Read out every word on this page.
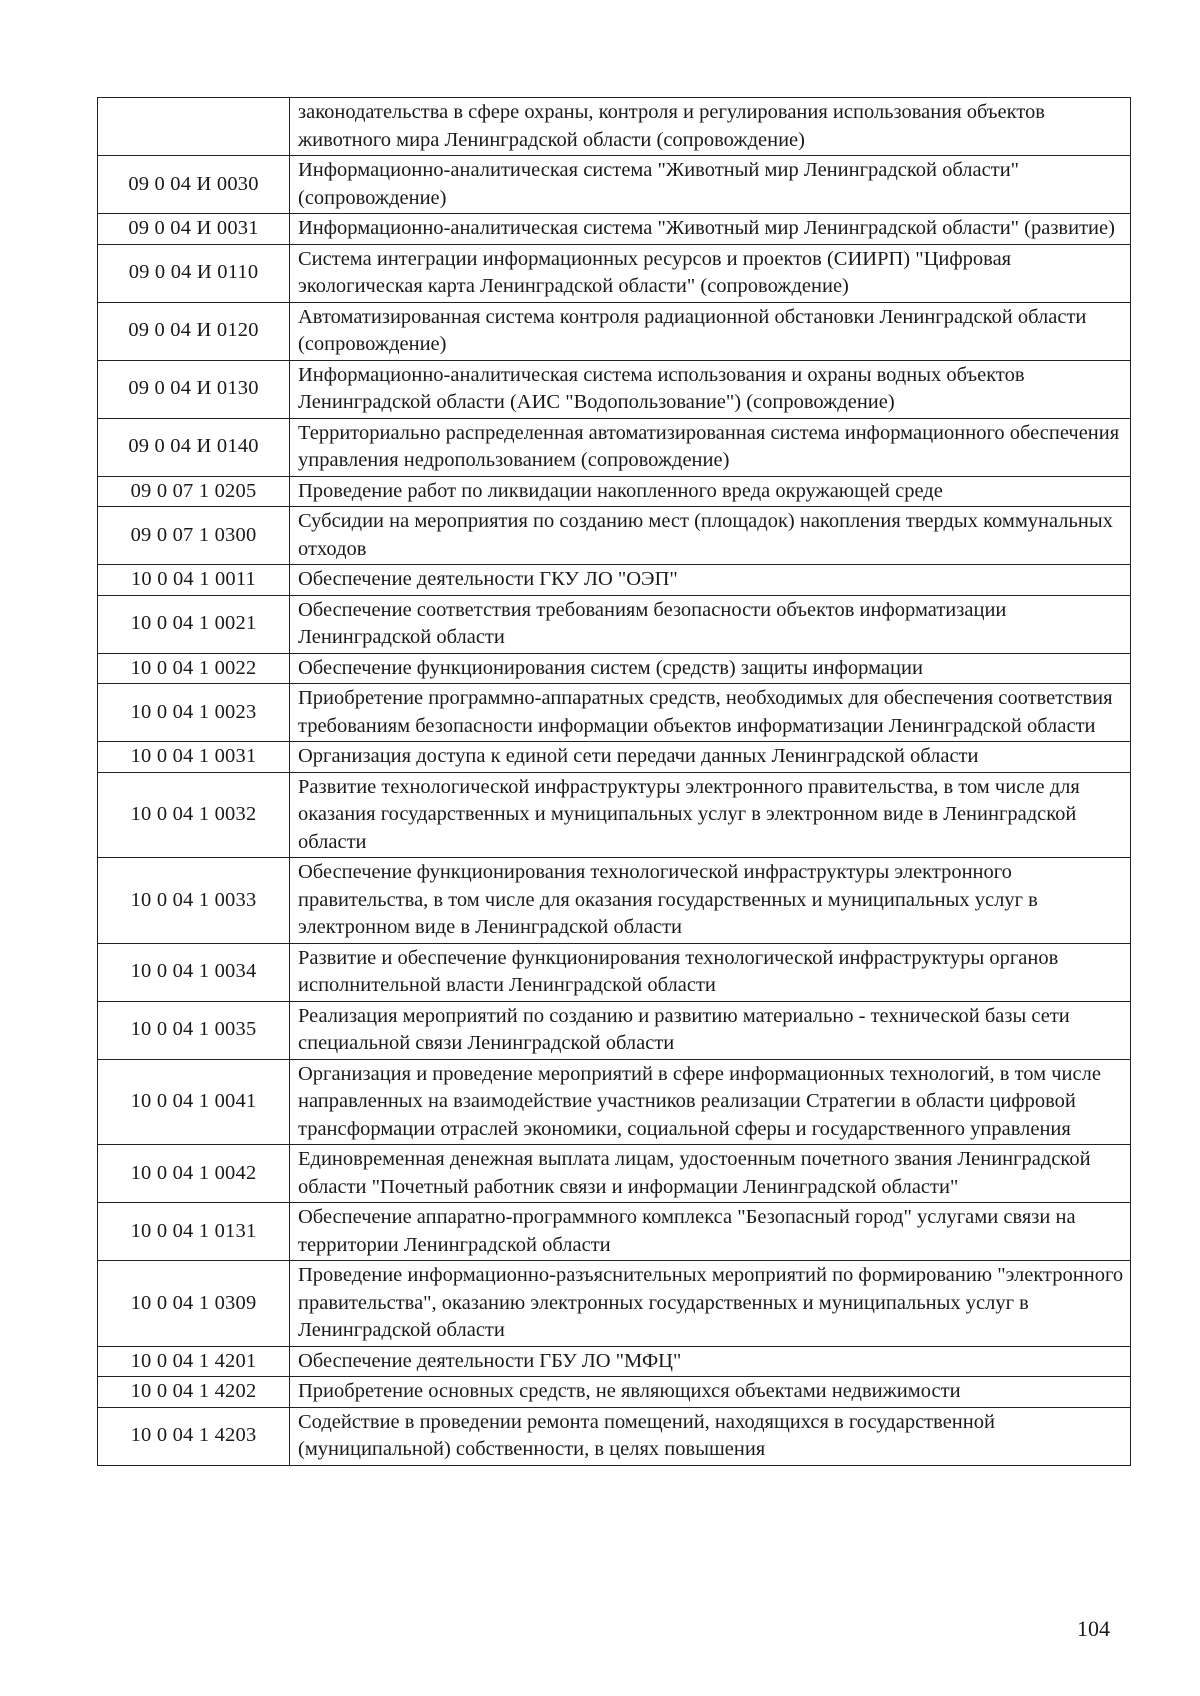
	законодательства в сфере охраны, контроля и регулирования использования объектов животного мира Ленинградской области (сопровождение)
09 0 04 И 0030	Информационно-аналитическая система "Животный мир Ленинградской области" (сопровождение)
09 0 04 И 0031	Информационно-аналитическая система "Животный мир Ленинградской области" (развитие)
09 0 04 И 0110	Система интеграции информационных ресурсов и проектов (СИИРП) "Цифровая экологическая карта Ленинградской области" (сопровождение)
09 0 04 И 0120	Автоматизированная система контроля радиационной обстановки Ленинградской области (сопровождение)
09 0 04 И 0130	Информационно-аналитическая система использования и охраны водных объектов Ленинградской области (АИС "Водопользование") (сопровождение)
09 0 04 И 0140	Территориально распределенная автоматизированная система информационного обеспечения управления недропользованием (сопровождение)
09 0 07 1 0205	Проведение работ по ликвидации накопленного вреда окружающей среде
09 0 07 1 0300	Субсидии на мероприятия по созданию мест (площадок) накопления твердых коммунальных отходов
10 0 04 1 0011	Обеспечение деятельности ГКУ ЛО "ОЭП"
10 0 04 1 0021	Обеспечение соответствия требованиям безопасности объектов информатизации Ленинградской области
10 0 04 1 0022	Обеспечение функционирования систем (средств) защиты информации
10 0 04 1 0023	Приобретение программно-аппаратных средств, необходимых для обеспечения соответствия требованиям безопасности информации объектов информатизации Ленинградской области
10 0 04 1 0031	Организация доступа к единой сети передачи данных Ленинградской области
10 0 04 1 0032	Развитие технологической инфраструктуры электронного правительства, в том числе для оказания государственных и муниципальных услуг в электронном виде в Ленинградской области
10 0 04 1 0033	Обеспечение функционирования технологической инфраструктуры электронного правительства, в том числе для оказания государственных и муниципальных услуг в электронном виде в Ленинградской области
10 0 04 1 0034	Развитие и обеспечение функционирования технологической инфраструктуры органов исполнительной власти Ленинградской области
10 0 04 1 0035	Реализация мероприятий по созданию и развитию материально - технической базы сети специальной связи Ленинградской области
10 0 04 1 0041	Организация и проведение мероприятий в сфере информационных технологий, в том числе направленных на взаимодействие участников реализации Стратегии в области цифровой трансформации отраслей экономики, социальной сферы и государственного управления
10 0 04 1 0042	Единовременная денежная выплата лицам, удостоенным почетного звания Ленинградской области "Почетный работник связи и информации Ленинградской области"
10 0 04 1 0131	Обеспечение аппаратно-программного комплекса "Безопасный город" услугами связи на территории Ленинградской области
10 0 04 1 0309	Проведение информационно-разъяснительных мероприятий по формированию "электронного правительства", оказанию электронных государственных и муниципальных услуг в Ленинградской области
10 0 04 1 4201	Обеспечение деятельности ГБУ ЛО "МФЦ"
10 0 04 1 4202	Приобретение основных средств, не являющихся объектами недвижимости
10 0 04 1 4203	Содействие в проведении ремонта помещений, находящихся в государственной (муниципальной) собственности, в целях повышения
104
